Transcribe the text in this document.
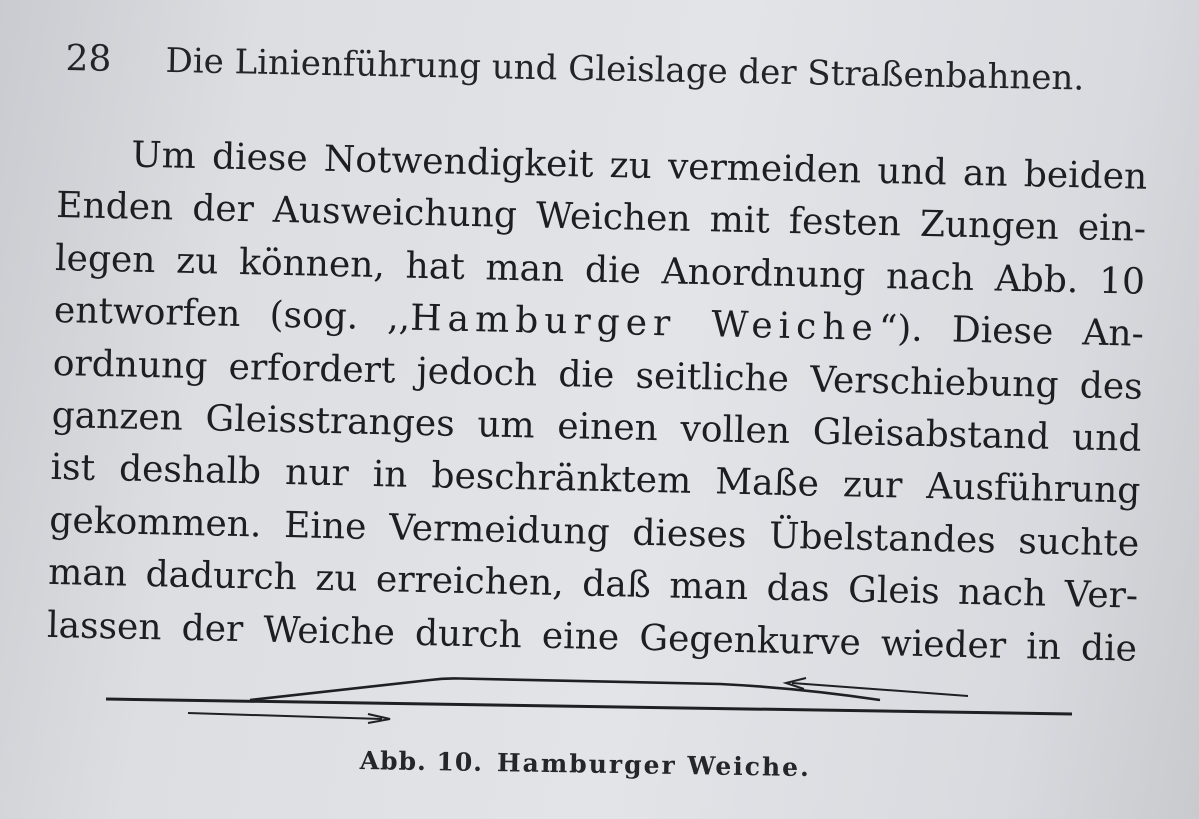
28 Die Linienführung und Gleislage der Straßenbahnen.
Um diese Notwendigkeit zu vermeiden und an beiden
Enden der Ausweichung Weichen mit festen Zungen ein-
legen zu können, hat man die Anordnung nach Abb. 10
entworfen (sog. ,,Hamburger Weiche“). Diese An-
ordnung erfordert jedoch die seitliche Verschiebung des
ganzen Gleisstranges um einen vollen Gleisabstand und
ist deshalb nur in beschränktem Maße zur Ausführung
gekommen. Eine Vermeidung dieses Übelstandes suchte
man dadurch zu erreichen, daß man das Gleis nach Ver-
lassen der Weiche durch eine Gegenkurve wieder in die
Abb. 10. Hamburger Weiche.
